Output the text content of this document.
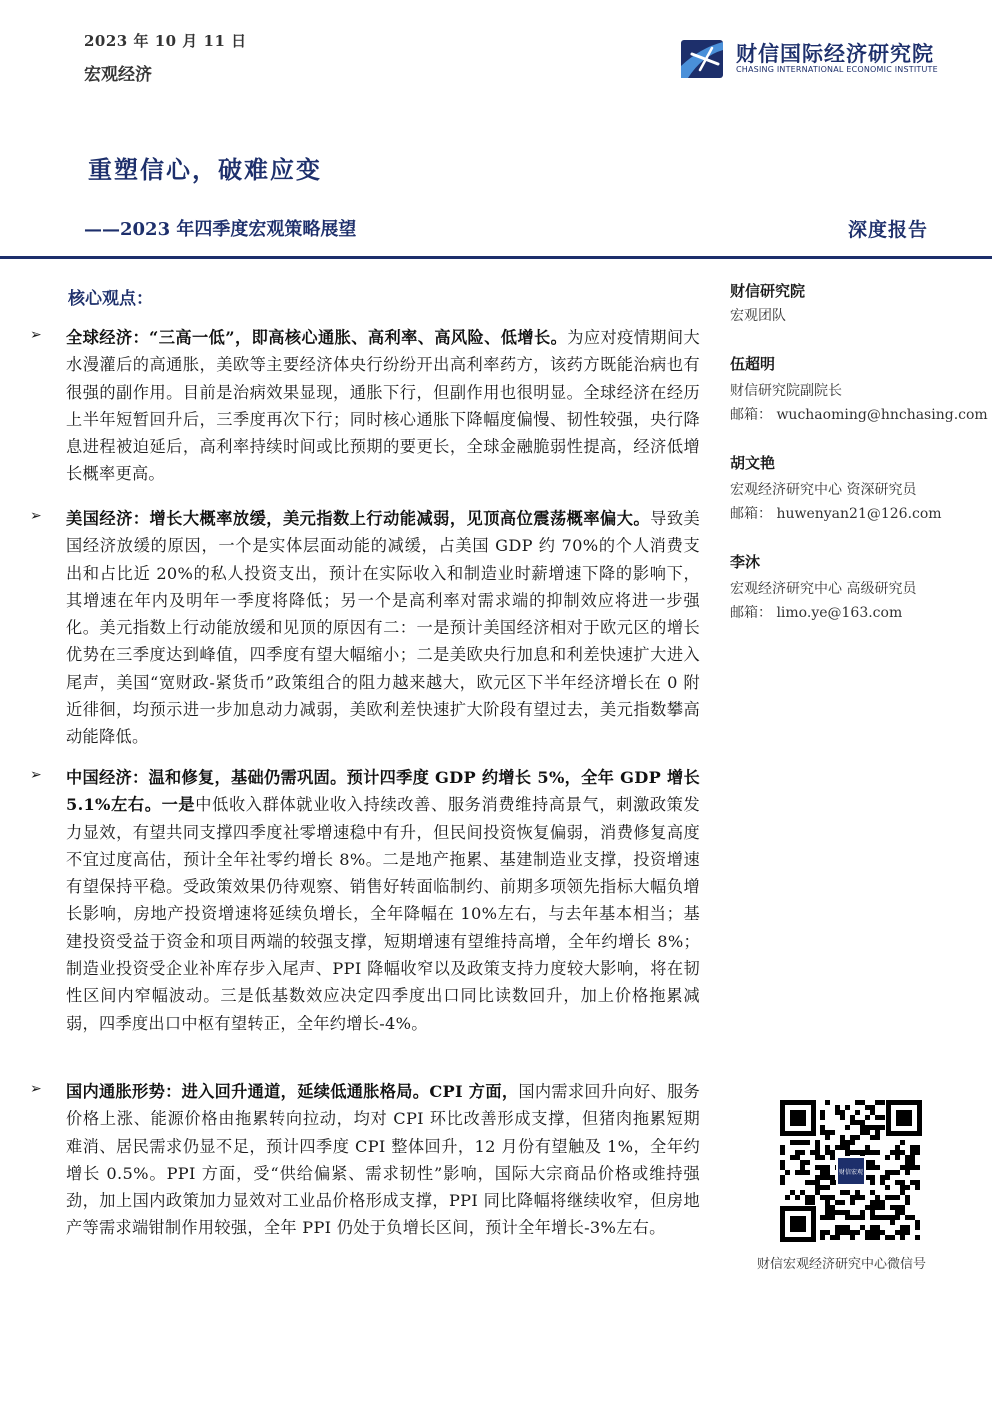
2023 年 10 月 11 日
宏观经济
财信国际经济研究院
CHASING INTERNATIONAL ECONOMIC INSTITUTE
重塑信心，破难应变
——2023 年四季度宏观策略展望	深度报告
核心观点：
➢ 全球经济：“三高一低”，即高核心通胀、高利率、高风险、低增长。为应对疫情期间大水漫灌后的高通胀，美欧等主要经济体央行纷纷开出高利率药方，该药方既能治病也有很强的副作用。目前是治病效果显现，通胀下行，但副作用也很明显。全球经济在经历上半年短暂回升后，三季度再次下行；同时核心通胀下降幅度偏慢、韧性较强，央行降息进程被迫延后，高利率持续时间或比预期的要更长，全球金融脆弱性提高，经济低增长概率更高。
➢ 美国经济：增长大概率放缓，美元指数上行动能减弱，见顶高位震荡概率偏大。导致美国经济放缓的原因，一个是实体层面动能的减缓，占美国 GDP 约 70%的个人消费支出和占比近 20%的私人投资支出，预计在实际收入和制造业时薪增速下降的影响下，其增速在年内及明年一季度将降低；另一个是高利率对需求端的抑制效应将进一步强化。美元指数上行动能放缓和见顶的原因有二：一是预计美国经济相对于欧元区的增长优势在三季度达到峰值，四季度有望大幅缩小；二是美欧央行加息和利差快速扩大进入尾声，美国“宽财政-紧货币”政策组合的阻力越来越大，欧元区下半年经济增长在 0 附近徘徊，均预示进一步加息动力减弱，美欧利差快速扩大阶段有望过去，美元指数攀高动能降低。
➢ 中国经济：温和修复，基础仍需巩固。预计四季度 GDP 约增长 5%，全年 GDP 增长 5.1%左右。一是中低收入群体就业收入持续改善、服务消费维持高景气，刺激政策发力显效，有望共同支撑四季度社零增速稳中有升，但民间投资恢复偏弱，消费修复高度不宜过度高估，预计全年社零约增长 8%。二是地产拖累、基建制造业支撑，投资增速有望保持平稳。受政策效果仍待观察、销售好转面临制约、前期多项领先指标大幅负增长影响，房地产投资增速将延续负增长，全年降幅在 10%左右，与去年基本相当；基建投资受益于资金和项目两端的较强支撑，短期增速有望维持高增，全年约增长 8%；制造业投资受企业补库存步入尾声、PPI 降幅收窄以及政策支持力度较大影响，将在韧性区间内窄幅波动。三是低基数效应决定四季度出口同比读数回升，加上价格拖累减弱，四季度出口中枢有望转正，全年约增长-4%。
➢ 国内通胀形势：进入回升通道，延续低通胀格局。CPI 方面，国内需求回升向好、服务价格上涨、能源价格由拖累转向拉动，均对 CPI 环比改善形成支撑，但猪肉拖累短期难消、居民需求仍显不足，预计四季度 CPI 整体回升，12 月份有望触及 1%，全年约增长 0.5%。PPI 方面，受“供给偏紧、需求韧性”影响，国际大宗商品价格或维持强劲，加上国内政策加力显效对工业品价格形成支撑，PPI 同比降幅将继续收窄，但房地产等需求端钳制作用较强，全年 PPI 仍处于负增长区间，预计全年增长-3%左右。
财信研究院
宏观团队
伍超明
财信研究院副院长
邮箱： wuchaoming@hnchasing.com
胡文艳
宏观经济研究中心 资深研究员
邮箱： huwenyan21@126.com
李沐
宏观经济研究中心 高级研究员
邮箱： limo.ye@163.com
财信宏观
财信宏观经济研究中心微信号
